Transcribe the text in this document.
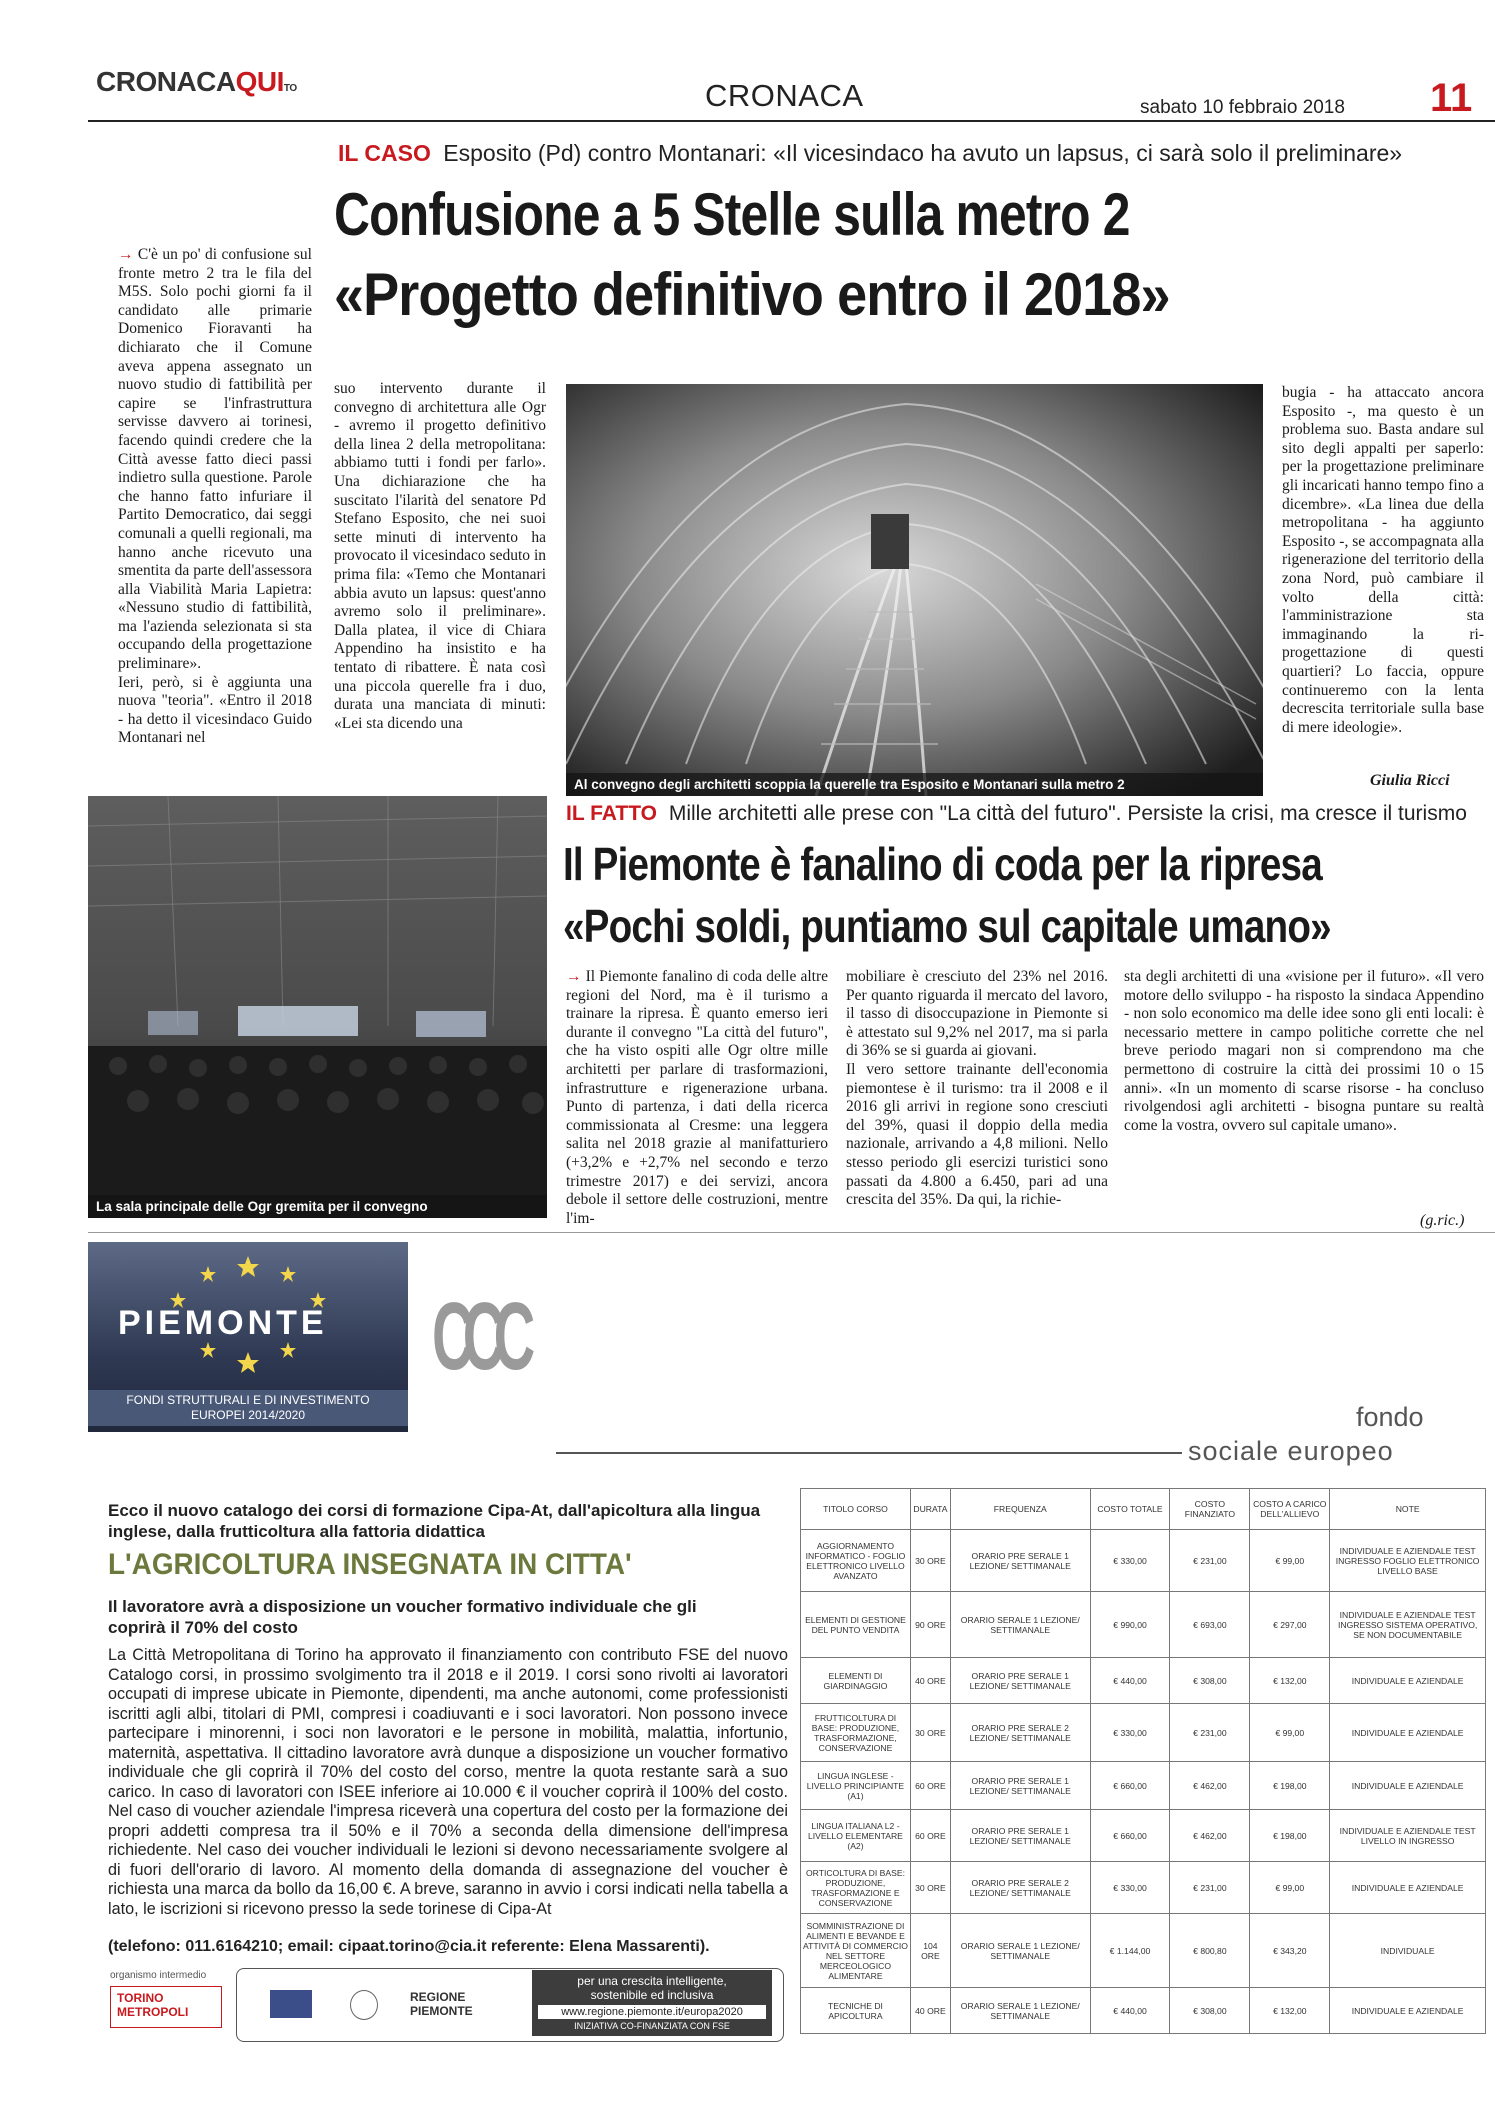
CRONACAQUITO	CRONACA	sabato 10 febbraio 2018 11
IL CASO Esposito (Pd) contro Montanari: «Il vicesindaco ha avuto un lapsus, ci sarà solo il preliminare»
Confusione a 5 Stelle sulla metro 2
«Progetto definitivo entro il 2018»

→ C'è un po' di confusione sul fronte metro 2 tra le fila del M5S. Solo pochi giorni fa il candidato alle primarie Domenico Fioravanti ha dichiarato che il Comune aveva appena assegnato un nuovo studio di fattibilità per capire se l'infrastruttura servisse davvero ai torinesi, facendo quindi credere che la Città avesse fatto dieci passi indietro sulla questione. Parole che hanno fatto infuriare il Partito Democratico, dai seggi comunali a quelli regionali, ma hanno anche ricevuto una smentita da parte dell'assessora alla Viabilità Maria Lapietra: «Nessuno studio di fattibilità, ma l'azienda selezionata si sta occupando della progettazione preliminare».

Ieri, però, si è aggiunta una nuova "teoria". «Entro il 2018 - ha detto il vicesindaco Guido Montanari nel

suo intervento durante il convegno di architettura alle Ogr - avremo il progetto definitivo della linea 2 della metropolitana: abbiamo tutti i fondi per farlo». Una dichiarazione che ha suscitato l'ilarità del senatore Pd Stefano Esposito, che nei suoi sette minuti di intervento ha provocato il vicesindaco seduto in prima fila: «Temo che Montanari abbia avuto un lapsus: quest'anno avremo solo il preliminare». Dalla platea, il vice di Chiara Appendino ha insistito e ha tentato di ribattere. È nata così una piccola querelle fra i duo, durata una manciata di minuti: «Lei sta dicendo una

Al convegno degli architetti scoppia la querelle tra Esposito e Montanari sulla metro 2

bugia - ha attaccato ancora Esposito -, ma questo è un problema suo. Basta andare sul sito degli appalti per saperlo: per la progettazione preliminare gli incaricati hanno tempo fino a dicembre». «La linea due della metropolitana - ha aggiunto Esposito -, se accompagnata alla rigenerazione del territorio della zona Nord, può cambiare il volto della città: l'amministrazione sta immaginando la ri-progettazione di questi quartieri? Lo faccia, oppure continueremo con la lenta decrescita territoriale sulla base di mere ideologie».

Giulia Ricci
La sala principale delle Ogr gremita per il convegno
IL FATTO Mille architetti alle prese con "La città del futuro". Persiste la crisi, ma cresce il turismo
Il Piemonte è fanalino di coda per la ripresa
«Pochi soldi, puntiamo sul capitale umano»

→ Il Piemonte fanalino di coda delle altre regioni del Nord, ma è il turismo a trainare la ripresa. È quanto emerso ieri durante il convegno "La città del futuro", che ha visto ospiti alle Ogr oltre mille architetti per parlare di trasformazioni, infrastrutture e rigenerazione urbana. Punto di partenza, i dati della ricerca commissionata al Cresme: una leggera salita nel 2018 grazie al manifatturiero (+3,2% e +2,7% nel secondo e terzo trimestre 2017) e dei servizi, ancora debole il settore delle costruzioni, mentre l'im-

mobiliare è cresciuto del 23% nel 2016. Per quanto riguarda il mercato del lavoro, il tasso di disoccupazione in Piemonte si è attestato sul 9,2% nel 2017, ma si parla di 36% se si guarda ai giovani.

Il vero settore trainante dell'economia piemontese è il turismo: tra il 2008 e il 2016 gli arrivi in regione sono cresciuti del 39%, quasi il doppio della media nazionale, arrivando a 4,8 milioni. Nello stesso periodo gli esercizi turistici sono passati da 4.800 a 6.450, pari ad una crescita del 35%. Da qui, la richie-

sta degli architetti di una «visione per il futuro». «Il vero motore dello sviluppo - ha risposto la sindaca Appendino - non solo economico ma delle idee sono gli enti locali: è necessario mettere in campo politiche corrette che nel breve periodo magari non si comprendono ma che permettono di costruire la città dei prossimi 10 o 15 anni». «In un momento di scarse risorse - ha concluso rivolgendosi agli architetti - bisogna puntare su realtà come la vostra, ovvero sul capitale umano».

(g.ric.)
PIEMONTE
FONDI STRUTTURALI E DI INVESTIMENTO
EUROPEI 2014/2020
CCC
fondo
sociale europeo
Ecco il nuovo catalogo dei corsi di formazione Cipa-At, dall'apicoltura alla lingua inglese, dalla frutticoltura alla fattoria didattica
L'AGRICOLTURA INSEGNATA IN CITTA'
Il lavoratore avrà a disposizione un voucher formativo individuale che gli coprirà il 70% del costo
La Città Metropolitana di Torino ha approvato il finanziamento con contributo FSE del nuovo Catalogo corsi, in prossimo svolgimento tra il 2018 e il 2019. I corsi sono rivolti ai lavoratori occupati di imprese ubicate in Piemonte, dipendenti, ma anche autonomi, come professionisti iscritti agli albi, titolari di PMI, compresi i coadiuvanti e i soci lavoratori. Non possono invece partecipare i minorenni, i soci non lavoratori e le persone in mobilità, malattia, infortunio, maternità, aspettativa. Il cittadino lavoratore avrà dunque a disposizione un voucher formativo individuale che gli coprirà il 70% del costo del corso, mentre la quota restante sarà a suo carico. In caso di lavoratori con ISEE inferiore ai 10.000 € il voucher coprirà il 100% del costo. Nel caso di voucher aziendale l'impresa riceverà una copertura del costo per la formazione dei propri addetti compresa tra il 50% e il 70% a seconda della dimensione dell'impresa richiedente. Nel caso dei voucher individuali le lezioni si devono necessariamente svolgere al di fuori dell'orario di lavoro. Al momento della domanda di assegnazione del voucher è richiesta una marca da bollo da 16,00 €. A breve, saranno in avvio i corsi indicati nella tabella a lato, le iscrizioni si ricevono presso la sede torinese di Cipa-At
(telefono: 011.6164210; email: cipaat.torino@cia.it referente: Elena Massarenti).
organismo intermedio
TORINO METROPOLI
REGIONE PIEMONTE
per una crescita intelligente,
sostenibile ed inclusiva
www.regione.piemonte.it/europa2020
INIZIATIVA CO-FINANZIATA CON FSE
TITOLO CORSO	DURATA	FREQUENZA	COSTO TOTALE	COSTO FINANZIATO	COSTO A CARICO DELL'ALLIEVO	NOTE
AGGIORNAMENTO INFORMATICO - FOGLIO ELETTRONICO LIVELLO AVANZATO	30 ORE	ORARIO PRE SERALE 1 LEZIONE/ SETTIMANALE	€ 330,00	€ 231,00	€ 99,00	INDIVIDUALE E AZIENDALE TEST INGRESSO FOGLIO ELETTRONICO LIVELLO BASE
ELEMENTI DI GESTIONE DEL PUNTO VENDITA	90 ORE	ORARIO SERALE 1 LEZIONE/ SETTIMANALE	€ 990,00	€ 693,00	€ 297,00	INDIVIDUALE E AZIENDALE TEST INGRESSO SISTEMA OPERATIVO, SE NON DOCUMENTABILE
ELEMENTI DI GIARDINAGGIO	40 ORE	ORARIO PRE SERALE 1 LEZIONE/ SETTIMANALE	€ 440,00	€ 308,00	€ 132,00	INDIVIDUALE E AZIENDALE
FRUTTICOLTURA DI BASE: PRODUZIONE, TRASFORMAZIONE, CONSERVAZIONE	30 ORE	ORARIO PRE SERALE 2 LEZIONE/ SETTIMANALE	€ 330,00	€ 231,00	€ 99,00	INDIVIDUALE E AZIENDALE
LINGUA INGLESE - LIVELLO PRINCIPIANTE (A1)	60 ORE	ORARIO PRE SERALE 1 LEZIONE/ SETTIMANALE	€ 660,00	€ 462,00	€ 198,00	INDIVIDUALE E AZIENDALE
LINGUA ITALIANA L2 - LIVELLO ELEMENTARE (A2)	60 ORE	ORARIO PRE SERALE 1 LEZIONE/ SETTIMANALE	€ 660,00	€ 462,00	€ 198,00	INDIVIDUALE E AZIENDALE TEST LIVELLO IN INGRESSO
ORTICOLTURA DI BASE: PRODUZIONE, TRASFORMAZIONE E CONSERVAZIONE	30 ORE	ORARIO PRE SERALE 2 LEZIONE/ SETTIMANALE	€ 330,00	€ 231,00	€ 99,00	INDIVIDUALE E AZIENDALE
SOMMINISTRAZIONE DI ALIMENTI E BEVANDE E ATTIVITÀ DI COMMERCIO NEL SETTORE MERCEOLOGICO ALIMENTARE	104 ORE	ORARIO SERALE 1 LEZIONE/ SETTIMANALE	€ 1.144,00	€ 800,80	€ 343,20	INDIVIDUALE
TECNICHE DI APICOLTURA	40 ORE	ORARIO SERALE 1 LEZIONE/ SETTIMANALE	€ 440,00	€ 308,00	€ 132,00	INDIVIDUALE E AZIENDALE
